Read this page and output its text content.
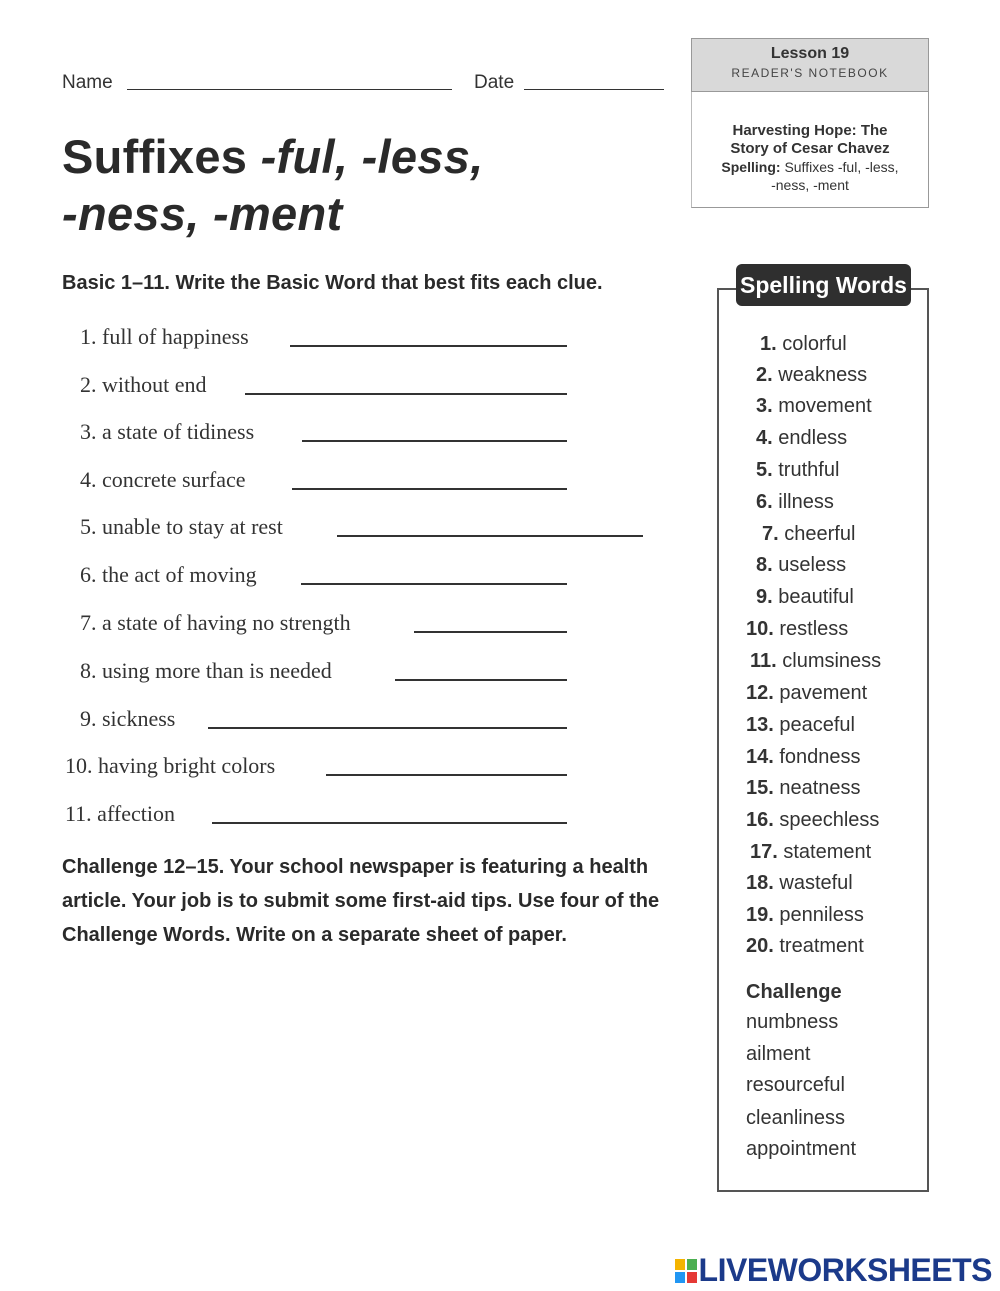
Name	Date
Suffixes -ful, -less,
-ness, -ment
Basic 1–11. Write the Basic Word that best fits each clue.
1. full of happiness
2. without end
3. a state of tidiness
4. concrete surface
5. unable to stay at rest
6. the act of moving
7. a state of having no strength
8. using more than is needed
9. sickness
10. having bright colors
11. affection
Challenge 12–15. Your school newspaper is featuring a health article. Your job is to submit some first-aid tips. Use four of the Challenge Words. Write on a separate sheet of paper.
Lesson 19
READER'S NOTEBOOK
Harvesting Hope: The
Story of Cesar Chavez
Spelling: Suffixes -ful, -less,
-ness, -ment
Spelling Words
1. colorful
2. weakness
3. movement
4. endless
5. truthful
6. illness
7. cheerful
8. useless
9. beautiful
10. restless
11. clumsiness
12. pavement
13. peaceful
14. fondness
15. neatness
16. speechless
17. statement
18. wasteful
19. penniless
20. treatment
Challenge
numbness
ailment
resourceful
cleanliness
appointment
LIVEWORKSHEETS
